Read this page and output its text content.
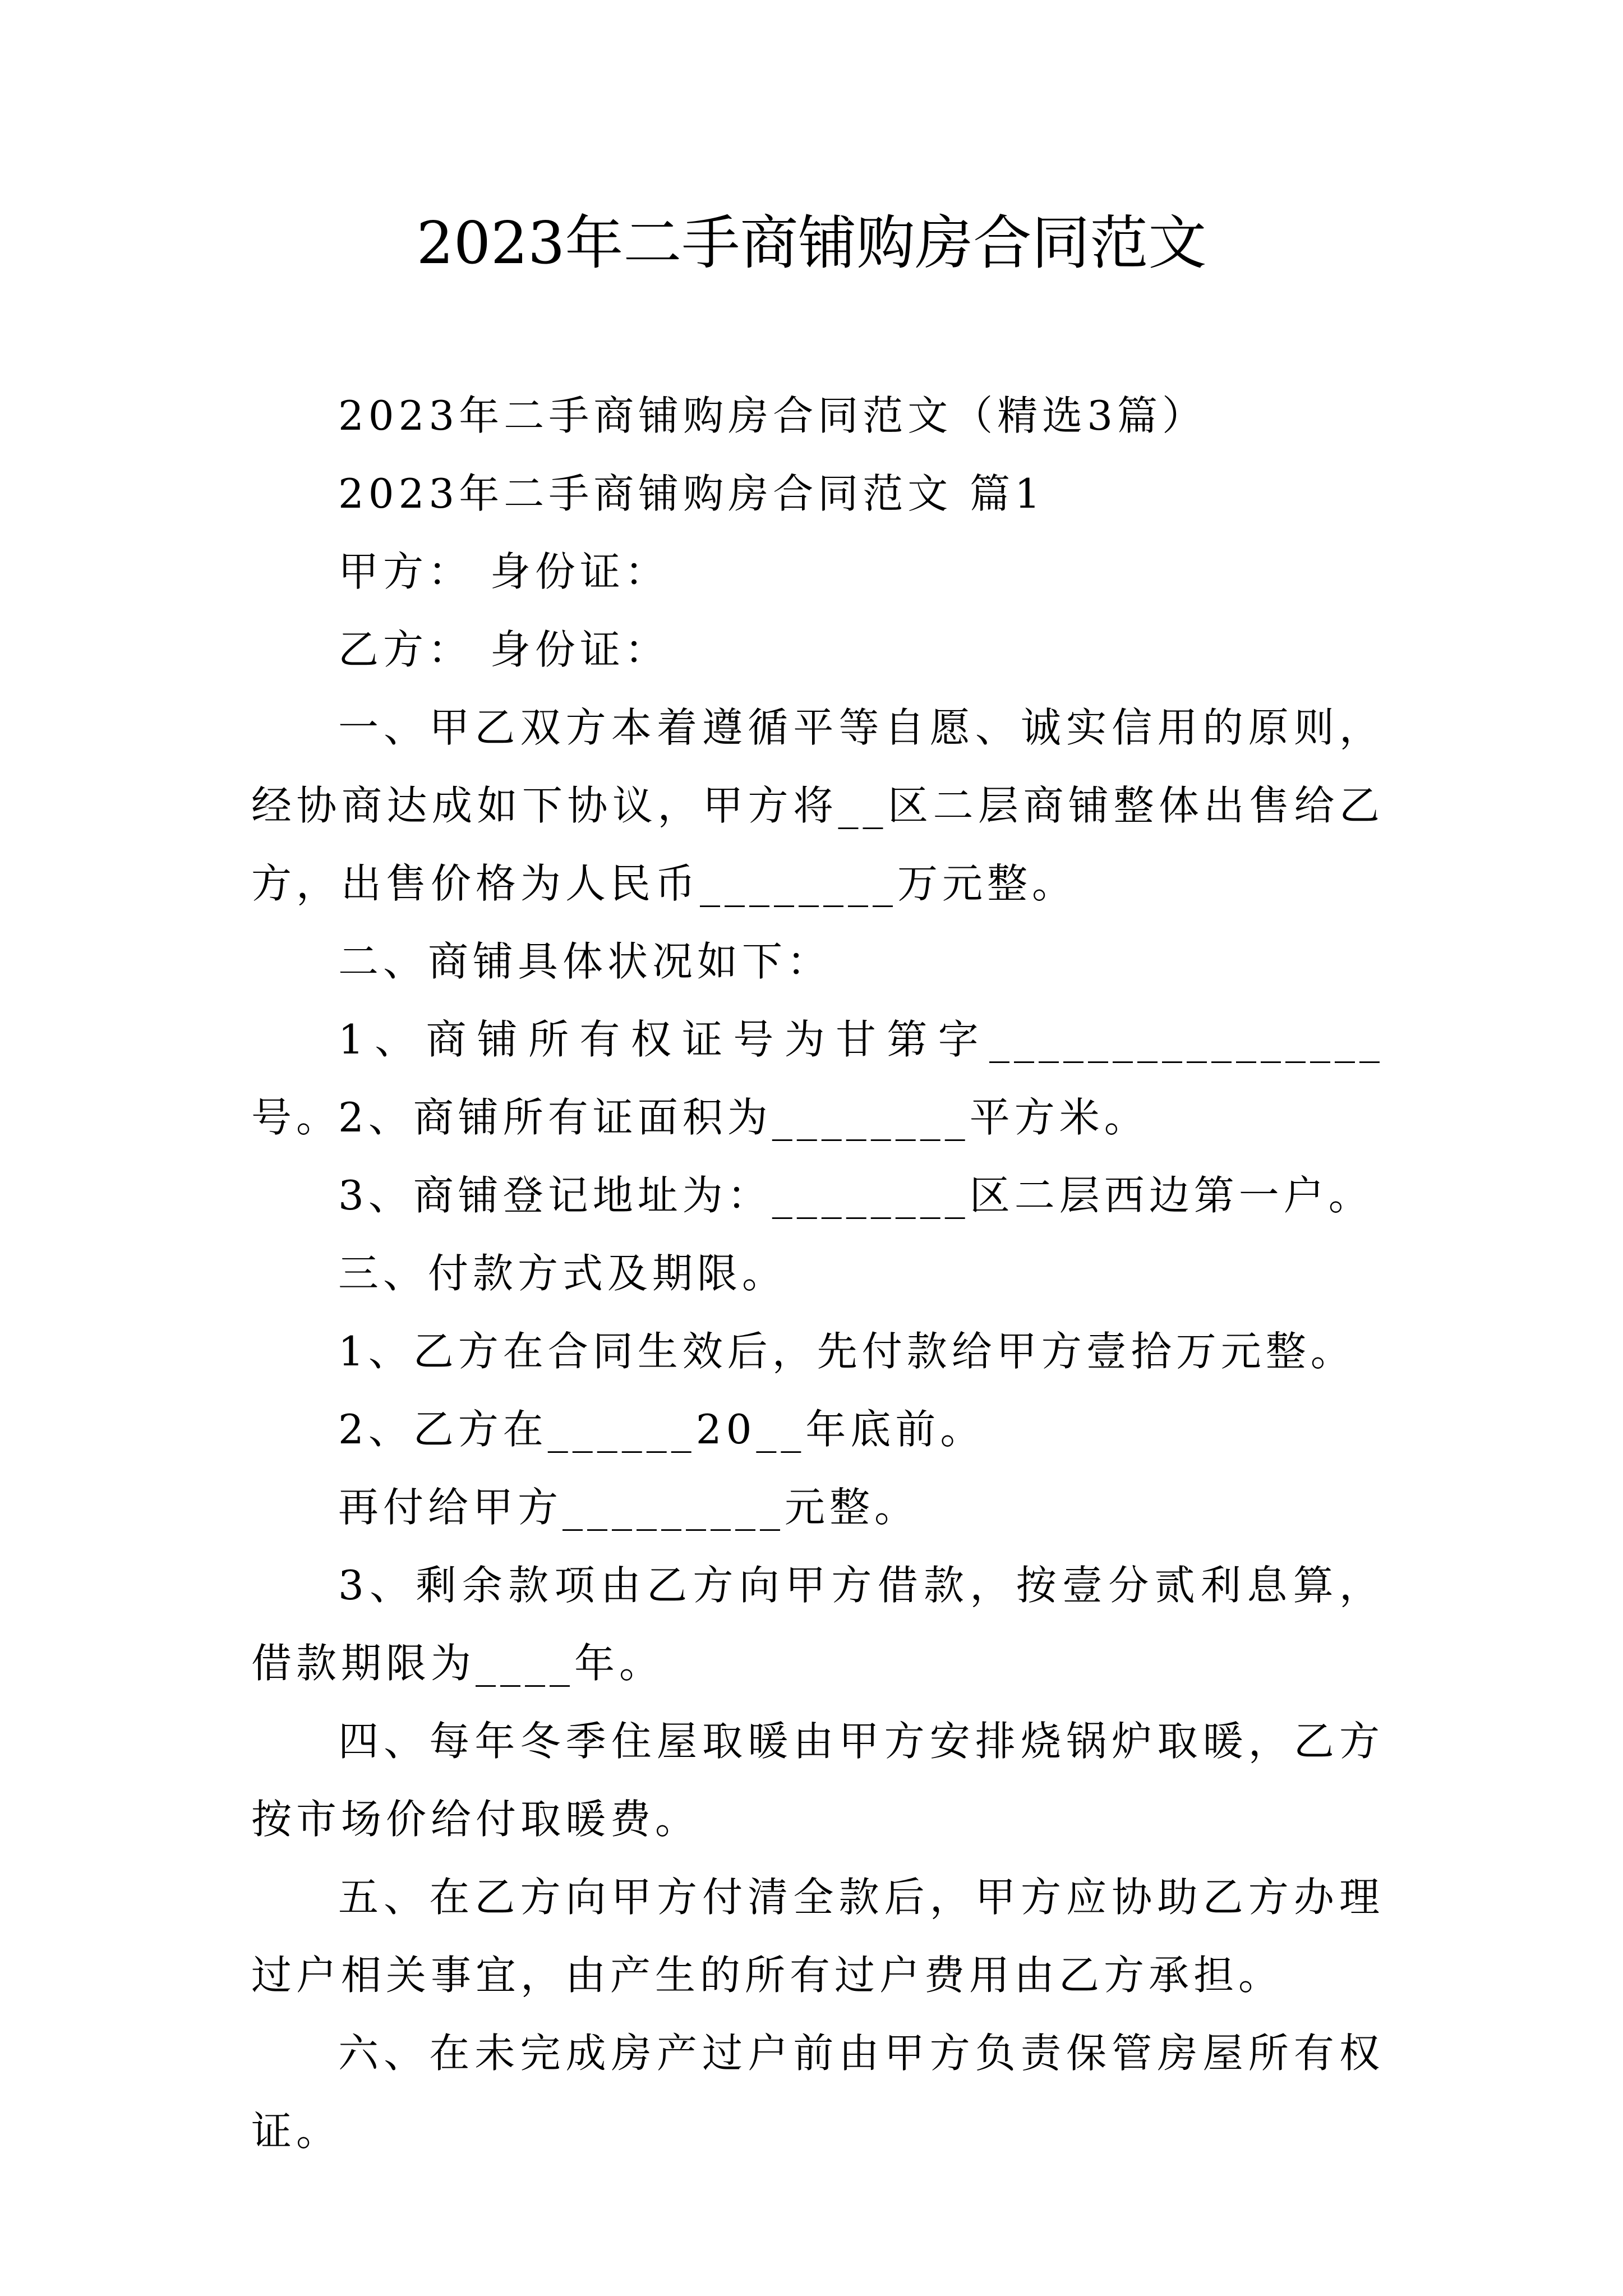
2023年二手商铺购房合同范文
2023年二手商铺购房合同范文（精选3篇）
2023年二手商铺购房合同范文 篇1
甲方： 身份证：
乙方： 身份证：
一、甲乙双方本着遵循平等自愿、诚实信用的原则，经协商达成如下协议，甲方将__区二层商铺整体出售给乙方，出售价格为人民币________万元整。
二、商铺具体状况如下：
1、商铺所有权证号为甘第字________________号。
2、商铺所有证面积为________平方米。
3、商铺登记地址为：________区二层西边第一户。
三、付款方式及期限。
1、乙方在合同生效后，先付款给甲方壹拾万元整。
2、乙方在______20__年底前。
再付给甲方_________元整。
3、剩余款项由乙方向甲方借款，按壹分贰利息算，借款期限为____年。
四、每年冬季住屋取暖由甲方安排烧锅炉取暖，乙方按市场价给付取暖费。
五、在乙方向甲方付清全款后，甲方应协助乙方办理过户相关事宜，由产生的所有过户费用由乙方承担。
六、在未完成房产过户前由甲方负责保管房屋所有权证。
